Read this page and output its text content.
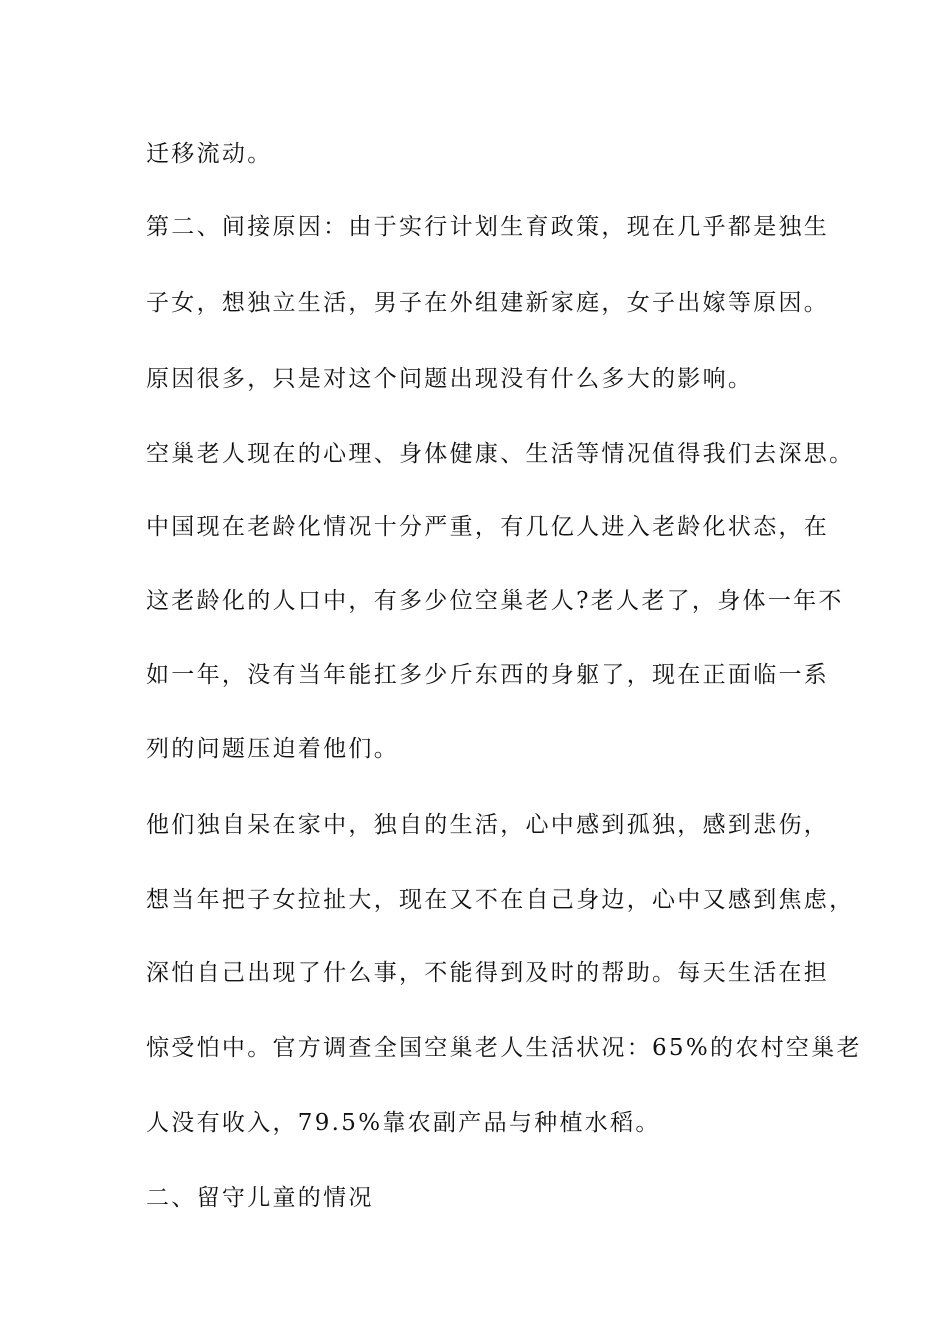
迁移流动。
第二、间接原因：由于实行计划生育政策，现在几乎都是独生
子女，想独立生活，男子在外组建新家庭，女子出嫁等原因。
原因很多，只是对这个问题出现没有什么多大的影响。
空巢老人现在的心理、身体健康、生活等情况值得我们去深思。
中国现在老龄化情况十分严重，有几亿人进入老龄化状态，在
这老龄化的人口中，有多少位空巢老人?老人老了，身体一年不
如一年，没有当年能扛多少斤东西的身躯了，现在正面临一系
列的问题压迫着他们。
他们独自呆在家中，独自的生活，心中感到孤独，感到悲伤，
想当年把子女拉扯大，现在又不在自己身边，心中又感到焦虑，
深怕自己出现了什么事，不能得到及时的帮助。每天生活在担
惊受怕中。官方调查全国空巢老人生活状况：65%的农村空巢老
人没有收入，79.5%靠农副产品与种植水稻。
二、留守儿童的情况
